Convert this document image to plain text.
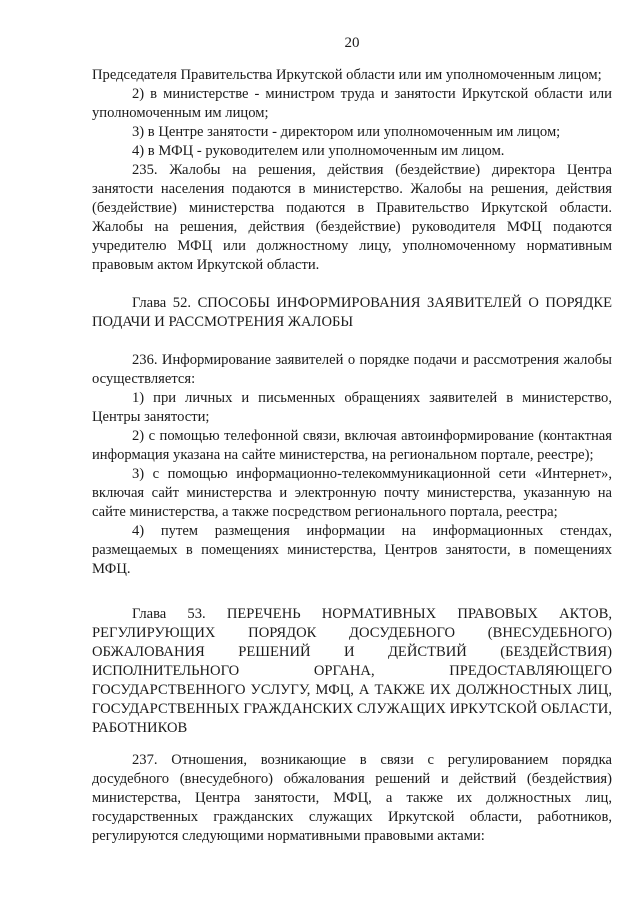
20

Председателя Правительства Иркутской области или им уполномоченным лицом;

2) в министерстве - министром труда и занятости Иркутской области или уполномоченным им лицом;

3) в Центре занятости - директором или уполномоченным им лицом;

4) в МФЦ - руководителем или уполномоченным им лицом.

235. Жалобы на решения, действия (бездействие) директора Центра занятости населения подаются в министерство. Жалобы на решения, действия (бездействие) министерства подаются в Правительство Иркутской области. Жалобы на решения, действия (бездействие) руководителя МФЦ подаются учредителю МФЦ или должностному лицу, уполномоченному нормативным правовым актом Иркутской области.

Глава 52. СПОСОБЫ ИНФОРМИРОВАНИЯ ЗАЯВИТЕЛЕЙ О ПОРЯДКЕ ПОДАЧИ И РАССМОТРЕНИЯ ЖАЛОБЫ

236. Информирование заявителей о порядке подачи и рассмотрения жалобы осуществляется:

1) при личных и письменных обращениях заявителей в министерство, Центры занятости;

2) с помощью телефонной связи, включая автоинформирование (контактная информация указана на сайте министерства, на региональном портале, реестре);

3) с помощью информационно-телекоммуникационной сети «Интернет», включая сайт министерства и электронную почту министерства, указанную на сайте министерства, а также посредством регионального портала, реестра;

4) путем размещения информации на информационных стендах, размещаемых в помещениях министерства, Центров занятости, в помещениях МФЦ.

Глава 53. ПЕРЕЧЕНЬ НОРМАТИВНЫХ ПРАВОВЫХ АКТОВ, РЕГУЛИРУЮЩИХ ПОРЯДОК ДОСУДЕБНОГО (ВНЕСУДЕБНОГО) ОБЖАЛОВАНИЯ РЕШЕНИЙ И ДЕЙСТВИЙ (БЕЗДЕЙСТВИЯ) ИСПОЛНИТЕЛЬНОГО ОРГАНА, ПРЕДОСТАВЛЯЮЩЕГО ГОСУДАРСТВЕННОГО УСЛУГУ, МФЦ, А ТАКЖЕ ИХ ДОЛЖНОСТНЫХ ЛИЦ, ГОСУДАРСТВЕННЫХ ГРАЖДАНСКИХ СЛУЖАЩИХ ИРКУТСКОЙ ОБЛАСТИ, РАБОТНИКОВ

237. Отношения, возникающие в связи с регулированием порядка досудебного (внесудебного) обжалования решений и действий (бездействия) министерства, Центра занятости, МФЦ, а также их должностных лиц, государственных гражданских служащих Иркутской области, работников, регулируются следующими нормативными правовыми актами:
